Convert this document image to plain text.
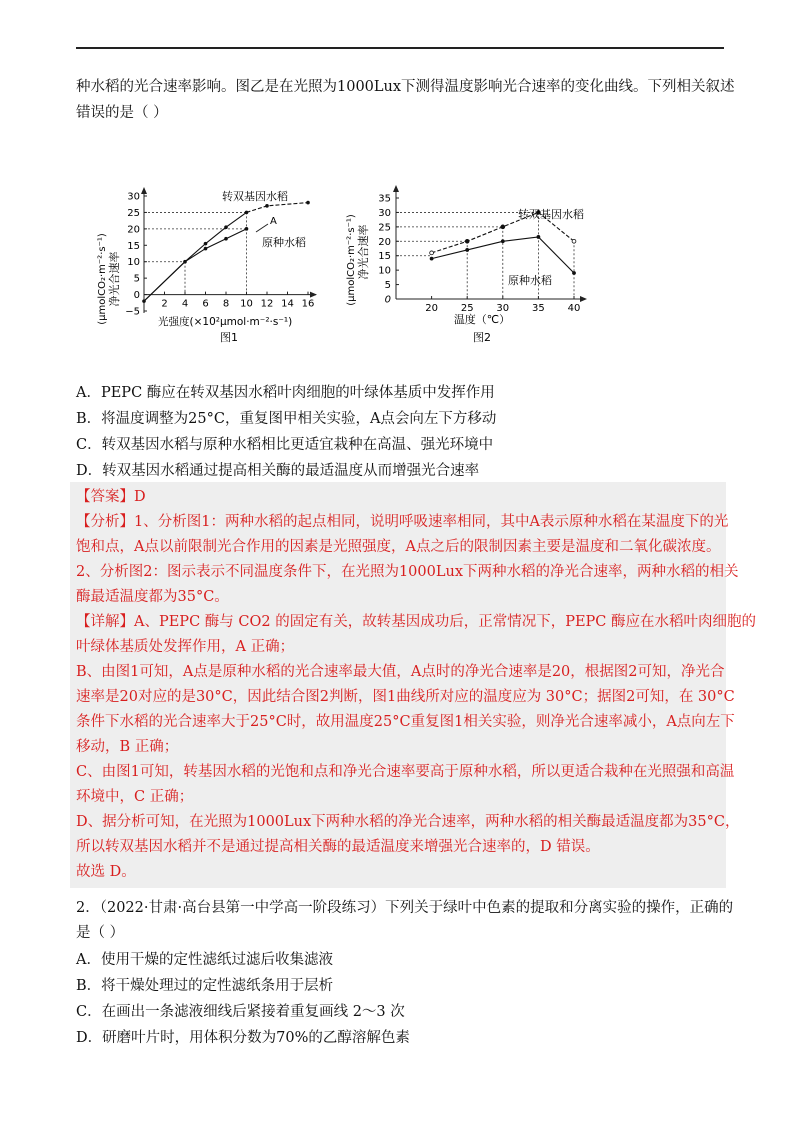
种水稻的光合速率影响。图乙是在光照为1000Lux下测得温度影响光合速率的变化曲线。下列相关叙述
错误的是（ ）
净光合速率
(μmolCO₂·m⁻²·s⁻¹)
30
25
20
15
10
5
0
−5
2 4 6 8 10 12 14 16
转双基因水稻
原种水稻
A
光强度(×10²μmol·m⁻²·s⁻¹)
图1
净光合速率
(μmolCO₂·m⁻²·s⁻¹)
35
30
25
20
15
10
5
0
20 25 30 35 40
转双基因水稻
原种水稻
温度（℃）
图2
A．PEPC 酶应在转双基因水稻叶肉细胞的叶绿体基质中发挥作用
B．将温度调整为25°C，重复图甲相关实验，A点会向左下方移动
C．转双基因水稻与原种水稻相比更适宜栽种在高温、强光环境中
D．转双基因水稻通过提高相关酶的最适温度从而增强光合速率
【答案】D
【分析】1、分析图1：两种水稻的起点相同，说明呼吸速率相同，其中A表示原种水稻在某温度下的光
饱和点，A点以前限制光合作用的因素是光照强度，A点之后的限制因素主要是温度和二氧化碳浓度。
2、分析图2：图示表示不同温度条件下，在光照为1000Lux下两种水稻的净光合速率，两种水稻的相关
酶最适温度都为35°C。
【详解】A、PEPC 酶与 CO2 的固定有关，故转基因成功后，正常情况下，PEPC 酶应在水稻叶肉细胞的
叶绿体基质处发挥作用，A 正确；
B、由图1可知，A点是原种水稻的光合速率最大值，A点时的净光合速率是20，根据图2可知，净光合
速率是20对应的是30°C，因此结合图2判断，图1曲线所对应的温度应为 30°C；据图2可知，在 30°C
条件下水稻的光合速率大于25°C时，故用温度25°C重复图1相关实验，则净光合速率减小，A点向左下
移动，B 正确；
C、由图1可知，转基因水稻的光饱和点和净光合速率要高于原种水稻，所以更适合栽种在光照强和高温
环境中，C 正确；
D、据分析可知，在光照为1000Lux下两种水稻的净光合速率，两种水稻的相关酶最适温度都为35°C，
所以转双基因水稻并不是通过提高相关酶的最适温度来增强光合速率的，D 错误。
故选 D。
2．（2022·甘肃·高台县第一中学高一阶段练习）下列关于绿叶中色素的提取和分离实验的操作，正确的
是（ ）
A．使用干燥的定性滤纸过滤后收集滤液
B．将干燥处理过的定性滤纸条用于层析
C．在画出一条滤液细线后紧接着重复画线 2～3 次
D．研磨叶片时，用体积分数为70%的乙醇溶解色素
